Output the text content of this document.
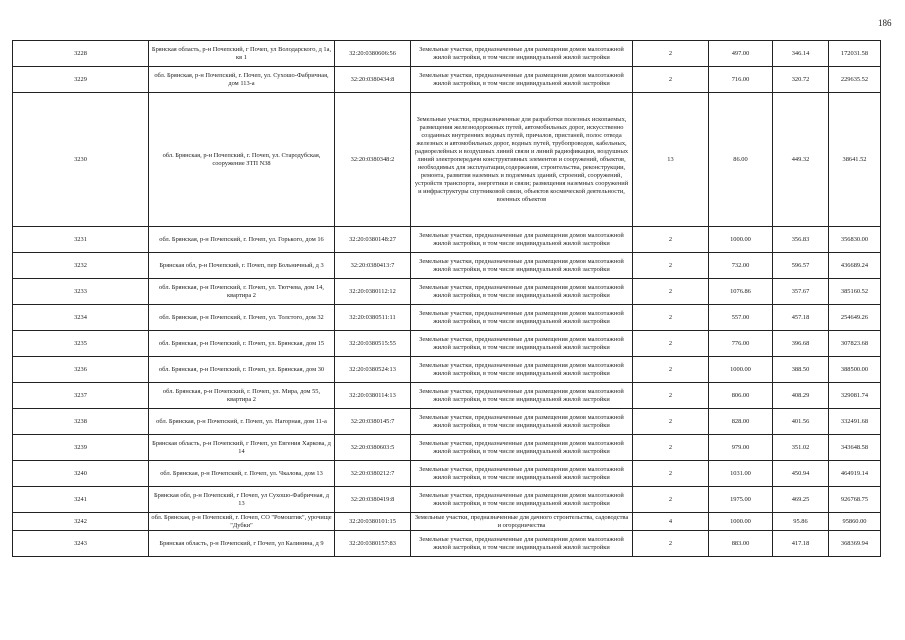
186
3228	Брянская область, р-н Почепский, г Почеп, ул Володарского, д 1а, кв 1	32:20:0380606:56	Земельные участки, предназначенные для размещения домов малоэтажной жилой застройки, в том числе индивидуальной жилой застройки	2	497.00	346.14	172031.58
3229	обл. Брянская, р-н Почепский, г. Почеп, ул. Сухошо-Фабричная, дом 113-а	32:20:0380434:8	Земельные участки, предназначенные для размещения домов малоэтажной жилой застройки, в том числе индивидуальной жилой застройки	2	716.00	320.72	229635.52
3230	обл. Брянская, р-н Почепский, г. Почеп, ул. Стародубская, сооружение ЗТП N38	32:20:0380348:2	Земельные участки, предназначенные для разработки полезных ископаемых, размещения железнодорожных путей, автомобильных дорог, искусственно созданных внутренних водных путей, причалов, пристаней, полос отвода железных и автомобильных дорог, водных путей, трубопроводов, кабельных, радиорелейных и воздушных линий связи и линий радиофикации, воздушных линий электропередачи конструктивных элементов и сооружений, объектов, необходимых для эксплуатации,содержания, строительства, реконструкции, ремонта, развития наземных и подземных зданий, строений, сооружений, устройств транспорта, энергетики и связи; размещения наземных сооружений и инфраструктуры спутниковой связи, объектов космической деятельности, военных объектов	13	86.00	449.32	38641.52
3231	обл. Брянская, р-н Почепский, г. Почеп, ул. Горького, дом 16	32:20:0380148:27	Земельные участки, предназначенные для размещения домов малоэтажной жилой застройки, в том числе индивидуальной жилой застройки	2	1000.00	356.83	356830.00
3232	Брянская обл, р-н Почепский, г. Почеп, пер Больничный, д 3	32:20:0380413:7	Земельные участки, предназначенные для размещения домов малоэтажной жилой застройки, в том числе индивидуальной жилой застройки	2	732.00	596.57	436689.24
3233	обл. Брянская, р-н Почепский, г. Почеп, ул. Тютчева, дом 14, квартира 2	32:20:0380112:12	Земельные участки, предназначенные для размещения домов малоэтажной жилой застройки, в том числе индивидуальной жилой застройки	2	1076.86	357.67	385160.52
3234	обл. Брянская, р-н Почепский, г. Почеп, ул. Толстого, дом 32	32:20:0380511:11	Земельные участки, предназначенные для размещения домов малоэтажной жилой застройки, в том числе индивидуальной жилой застройки	2	557.00	457.18	254649.26
3235	обл. Брянская, р-н Почепский, г. Почеп, ул. Брянская, дом 15	32:20:0380515:55	Земельные участки, предназначенные для размещения домов малоэтажной жилой застройки, в том числе индивидуальной жилой застройки	2	776.00	396.68	307823.68
3236	обл. Брянская, р-н Почепский, г. Почеп, ул. Брянская, дом 30	32:20:0380524:13	Земельные участки, предназначенные для размещения домов малоэтажной жилой застройки, в том числе индивидуальной жилой застройки	2	1000.00	388.50	388500.00
3237	обл. Брянская, р-н Почепский, г. Почеп, ул. Мира, дом 55, квартира 2	32:20:0380114:13	Земельные участки, предназначенные для размещения домов малоэтажной жилой застройки, в том числе индивидуальной жилой застройки	2	806.00	408.29	329081.74
3238	обл. Брянская, р-н Почепский, г. Почеп, ул. Нагорная, дом 11-а	32:20:0380145:7	Земельные участки, предназначенные для размещения домов малоэтажной жилой застройки, в том числе индивидуальной жилой застройки	2	828.00	401.56	332491.68
3239	Брянская область, р-н Почепский, г Почеп, ул Евгения Харкова, д 14	32:20:0380603:5	Земельные участки, предназначенные для размещения домов малоэтажной жилой застройки, в том числе индивидуальной жилой застройки	2	979.00	351.02	343648.58
3240	обл. Брянская, р-н Почепский, г. Почеп, ул. Чкалова, дом 13	32:20:0380212:7	Земельные участки, предназначенные для размещения домов малоэтажной жилой застройки, в том числе индивидуальной жилой застройки	2	1031.00	450.94	464919.14
3241	Брянская обл, р-н Почепский, г Почеп, ул Сухошо-Фабричная, д 13	32:20:0380419:8	Земельные участки, предназначенные для размещения домов малоэтажной жилой застройки, в том числе индивидуальной жилой застройки	2	1975.00	469.25	926768.75
3242	обл. Брянская, р-н Почепский, г. Почеп, СО "Ромоштик", урочище "Дубки"	32:20:0380101:15	Земельные участки, предназначенные для дачного строительства, садоводства и огородничества	4	1000.00	95.86	95860.00
3243	Брянская область, р-н Почепский, г Почеп, ул Калинина, д 9	32:20:0380157:83	Земельные участки, предназначенные для размещения домов малоэтажной жилой застройки, в том числе индивидуальной жилой застройки	2	883.00	417.18	368369.94
